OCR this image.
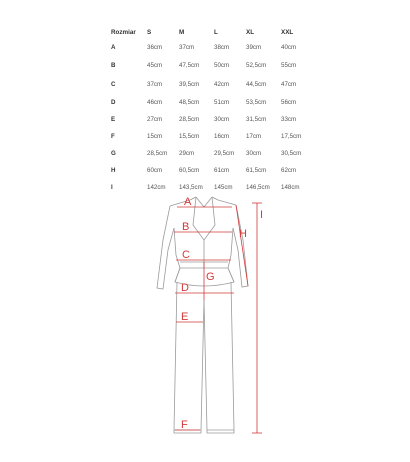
Rozmiar S	M	L	XL	XXL
A	36cm	37cm	38cm	39cm	40cm
B	45cm	47,5cm 50cm	52,5cm 55cm
C	37cm	39,5cm 42cm	44,5cm 47cm
D	46cm	48,5cm 51cm	53,5cm 56cm
E	27cm	28,5cm 30cm	31,5cm 33cm
F	15cm	15,5cm 16cm	17cm	17,5cm
G	28,5cm 29cm	29,5cm 30cm	30,5cm
H	60cm	60,5cm 61cm	61,5cm 62cm
I	142cm 143,5cm 145cm 146,5cm 148cm
A
B
C
D
E
F
G
H
I
